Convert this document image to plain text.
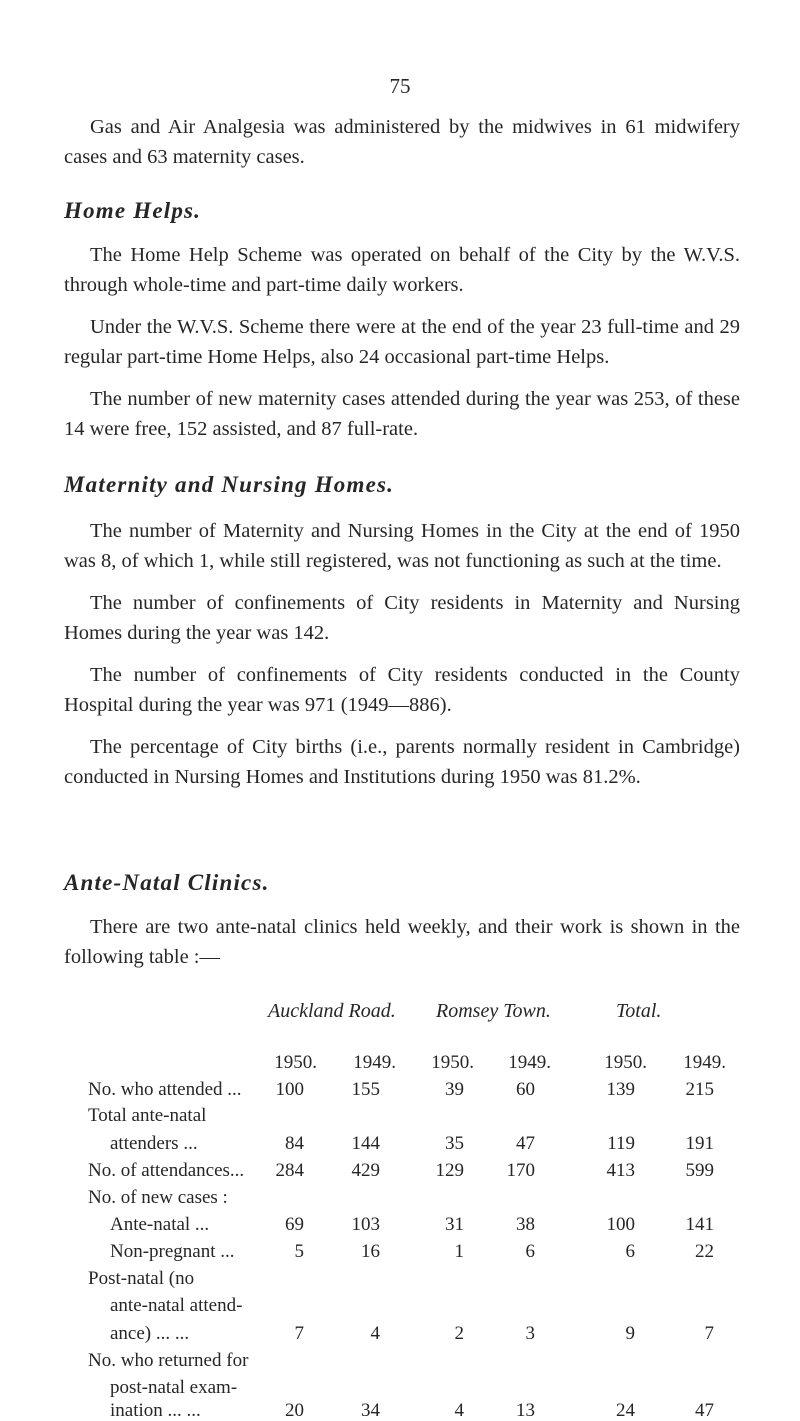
75

Gas and Air Analgesia was administered by the midwives in 61 midwifery cases and 63 maternity cases.

Home Helps.

The Home Help Scheme was operated on behalf of the City by the W.V.S. through whole-time and part-time daily workers.

Under the W.V.S. Scheme there were at the end of the year 23 full-time and 29 regular part-time Home Helps, also 24 occasional part-time Helps.

The number of new maternity cases attended during the year was 253, of these 14 were free, 152 assisted, and 87 full-rate.

Maternity and Nursing Homes.

The number of Maternity and Nursing Homes in the City at the end of 1950 was 8, of which 1, while still registered, was not functioning as such at the time.

The number of confinements of City residents in Maternity and Nursing Homes during the year was 142.

The number of confinements of City residents conducted in the County Hospital during the year was 971 (1949—886).

The percentage of City births (i.e., parents normally resident in Cambridge) conducted in Nursing Homes and Institutions during 1950 was 81.2%.

Ante-Natal Clinics.

There are two ante-natal clinics held weekly, and their work is shown in the following table :—

Auckland Road. Romsey Town.	Total.
1950.	1949.	1950.	1949.	1950.	1949.
No. who attended ...	100	155	39	60	139	215
Total ante-natal
attenders ...	84	144	35	47	119	191
No. of attendances...	284	429	129	170	413	599
No. of new cases :
Ante-natal ...	69	103	31	38	100	141
Non-pregnant ...	5	16	1	6	6	22
Post-natal (no
ante-natal attend-
ance) ... ...	7	4	2	3	9	7
No. who returned for
post-natal exam-
ination ... ...	20	34	4	13	24	47
